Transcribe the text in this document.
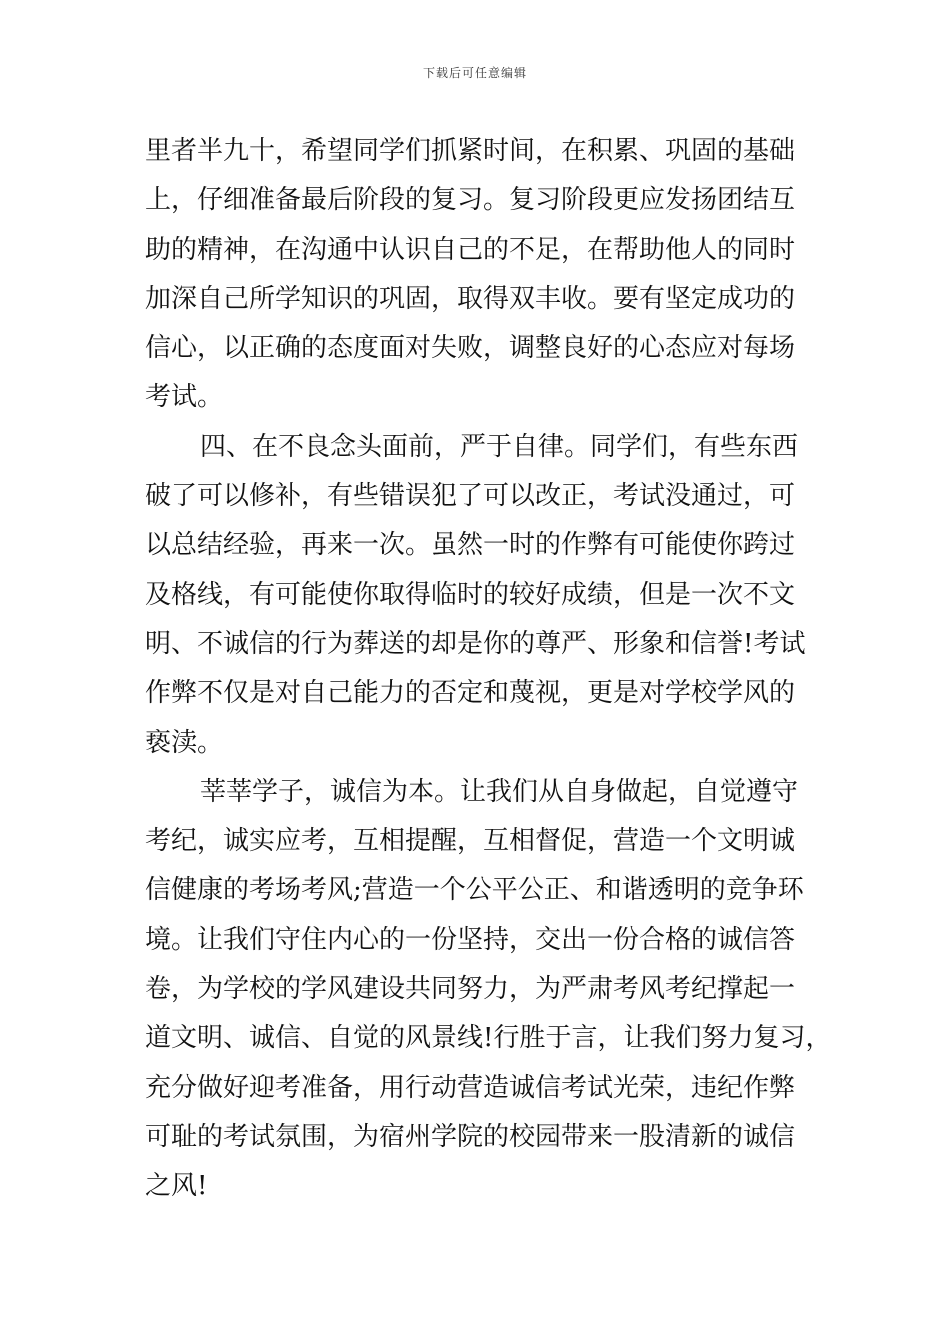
下载后可任意编辑
里者半九十，希望同学们抓紧时间，在积累、巩固的基础
上，仔细准备最后阶段的复习。复习阶段更应发扬团结互
助的精神，在沟通中认识自己的不足，在帮助他人的同时
加深自己所学知识的巩固，取得双丰收。要有坚定成功的
信心，以正确的态度面对失败，调整良好的心态应对每场
考试。
四、在不良念头面前，严于自律。同学们，有些东西
破了可以修补，有些错误犯了可以改正，考试没通过，可
以总结经验，再来一次。虽然一时的作弊有可能使你跨过
及格线，有可能使你取得临时的较好成绩，但是一次不文
明、不诚信的行为葬送的却是你的尊严、形象和信誉!考试
作弊不仅是对自己能力的否定和蔑视，更是对学校学风的
亵渎。
莘莘学子，诚信为本。让我们从自身做起，自觉遵守
考纪，诚实应考，互相提醒，互相督促，营造一个文明诚
信健康的考场考风;营造一个公平公正、和谐透明的竞争环
境。让我们守住内心的一份坚持，交出一份合格的诚信答
卷，为学校的学风建设共同努力，为严肃考风考纪撑起一
道文明、诚信、自觉的风景线!行胜于言，让我们努力复习，
充分做好迎考准备，用行动营造诚信考试光荣，违纪作弊
可耻的考试氛围，为宿州学院的校园带来一股清新的诚信
之风!
